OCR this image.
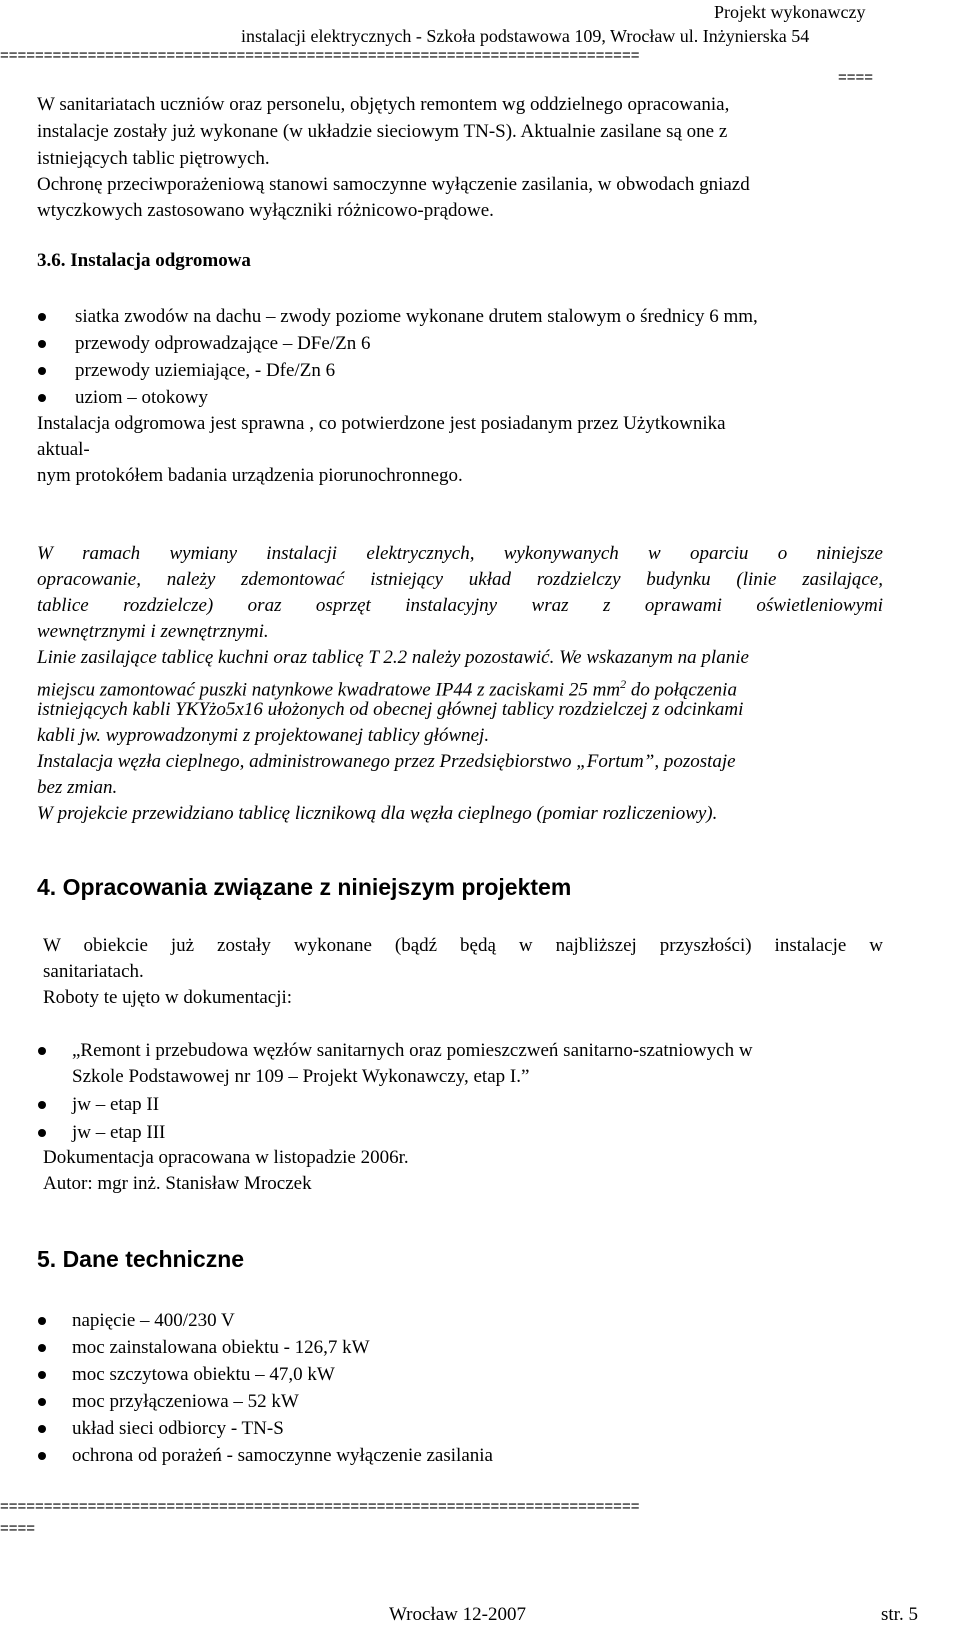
Projekt wykonawczy
instalacji elektrycznych - Szkoła podstawowa 109, Wrocław ul. Inżynierska 54
=========================================================================
====
W sanitariatach uczniów oraz personelu, objętych remontem wg oddzielnego opracowania,
instalacje zostały już wykonane (w układzie sieciowym TN-S). Aktualnie zasilane są one z
istniejących tablic piętrowych.
Ochronę przeciwporażeniową stanowi samoczynne wyłączenie zasilania, w obwodach gniazd
wtyczkowych zastosowano wyłączniki różnicowo-prądowe.
3.6. Instalacja odgromowa
siatka zwodów na dachu – zwody poziome wykonane drutem stalowym o średnicy 6 mm,
przewody odprowadzające – DFe/Zn 6
przewody uziemiające, - Dfe/Zn 6
uziom – otokowy
Instalacja odgromowa jest sprawna , co potwierdzone jest posiadanym przez Użytkownika
aktual-
nym protokółem badania urządzenia piorunochronnego.
W ramach wymiany instalacji elektrycznych, wykonywanych w oparciu o niniejsze
opracowanie, należy zdemontować istniejący układ rozdzielczy budynku (linie zasilające,
tablice rozdzielcze) oraz osprzęt instalacyjny wraz z oprawami oświetleniowymi
wewnętrznymi i zewnętrznymi.
Linie zasilające tablicę kuchni oraz tablicę T 2.2 należy pozostawić. We wskazanym na planie
miejscu zamontować puszki natynkowe kwadratowe IP44 z zaciskami 25 $mm^2$ do połączenia
istniejących kabli YKYżo5x16 ułożonych od obecnej głównej tablicy rozdzielczej z odcinkami
kabli jw. wyprowadzonymi z projektowanej tablicy głównej.
Instalacja węzła cieplnego, administrowanego przez Przedsiębiorstwo „Fortum”, pozostaje
bez zmian.
W projekcie przewidziano tablicę licznikową dla węzła cieplnego (pomiar rozliczeniowy).
4. Opracowania związane z niniejszym projektem
W obiekcie już zostały wykonane (bądź będą w najbliższej przyszłości) instalacje w
sanitariatach.
Roboty te ujęto w dokumentacji:
„Remont i przebudowa węzłów sanitarnych oraz pomieszczweń sanitarno-szatniowych w
Szkole Podstawowej nr 109 – Projekt Wykonawczy, etap I.”
jw – etap II
jw – etap III
Dokumentacja opracowana w listopadzie 2006r.
Autor: mgr inż. Stanisław Mroczek
5. Dane techniczne
napięcie – 400/230 V
moc zainstalowana obiektu - 126,7 kW
moc szczytowa obiektu – 47,0 kW
moc przyłączeniowa – 52 kW
układ sieci odbiorcy - TN-S
ochrona od porażeń - samoczynne wyłączenie zasilania
=========================================================================
====
Wrocław 12-2007	str. 5
